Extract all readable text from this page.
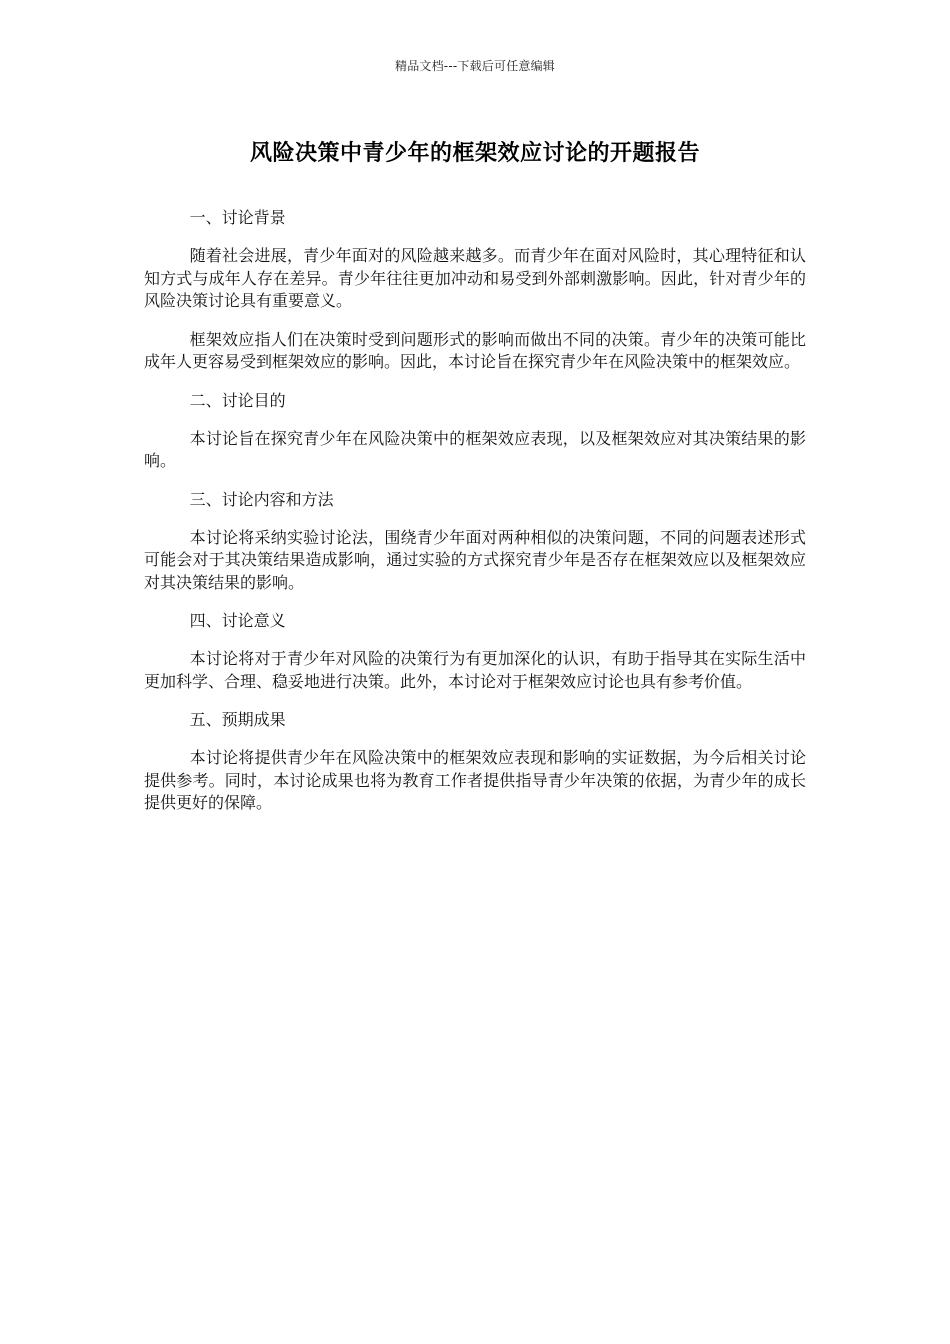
精品文档---下载后可任意编辑
风险决策中青少年的框架效应讨论的开题报告
一、讨论背景
随着社会进展，青少年面对的风险越来越多。而青少年在面对风险时，其心理特征和认知方式与成年人存在差异。青少年往往更加冲动和易受到外部刺激影响。因此，针对青少年的风险决策讨论具有重要意义。
框架效应指人们在决策时受到问题形式的影响而做出不同的决策。青少年的决策可能比成年人更容易受到框架效应的影响。因此，本讨论旨在探究青少年在风险决策中的框架效应。
二、讨论目的
本讨论旨在探究青少年在风险决策中的框架效应表现，以及框架效应对其决策结果的影响。
三、讨论内容和方法
本讨论将采纳实验讨论法，围绕青少年面对两种相似的决策问题，不同的问题表述形式可能会对于其决策结果造成影响，通过实验的方式探究青少年是否存在框架效应以及框架效应对其决策结果的影响。
四、讨论意义
本讨论将对于青少年对风险的决策行为有更加深化的认识，有助于指导其在实际生活中更加科学、合理、稳妥地进行决策。此外，本讨论对于框架效应讨论也具有参考价值。
五、预期成果
本讨论将提供青少年在风险决策中的框架效应表现和影响的实证数据，为今后相关讨论提供参考。同时，本讨论成果也将为教育工作者提供指导青少年决策的依据，为青少年的成长提供更好的保障。
